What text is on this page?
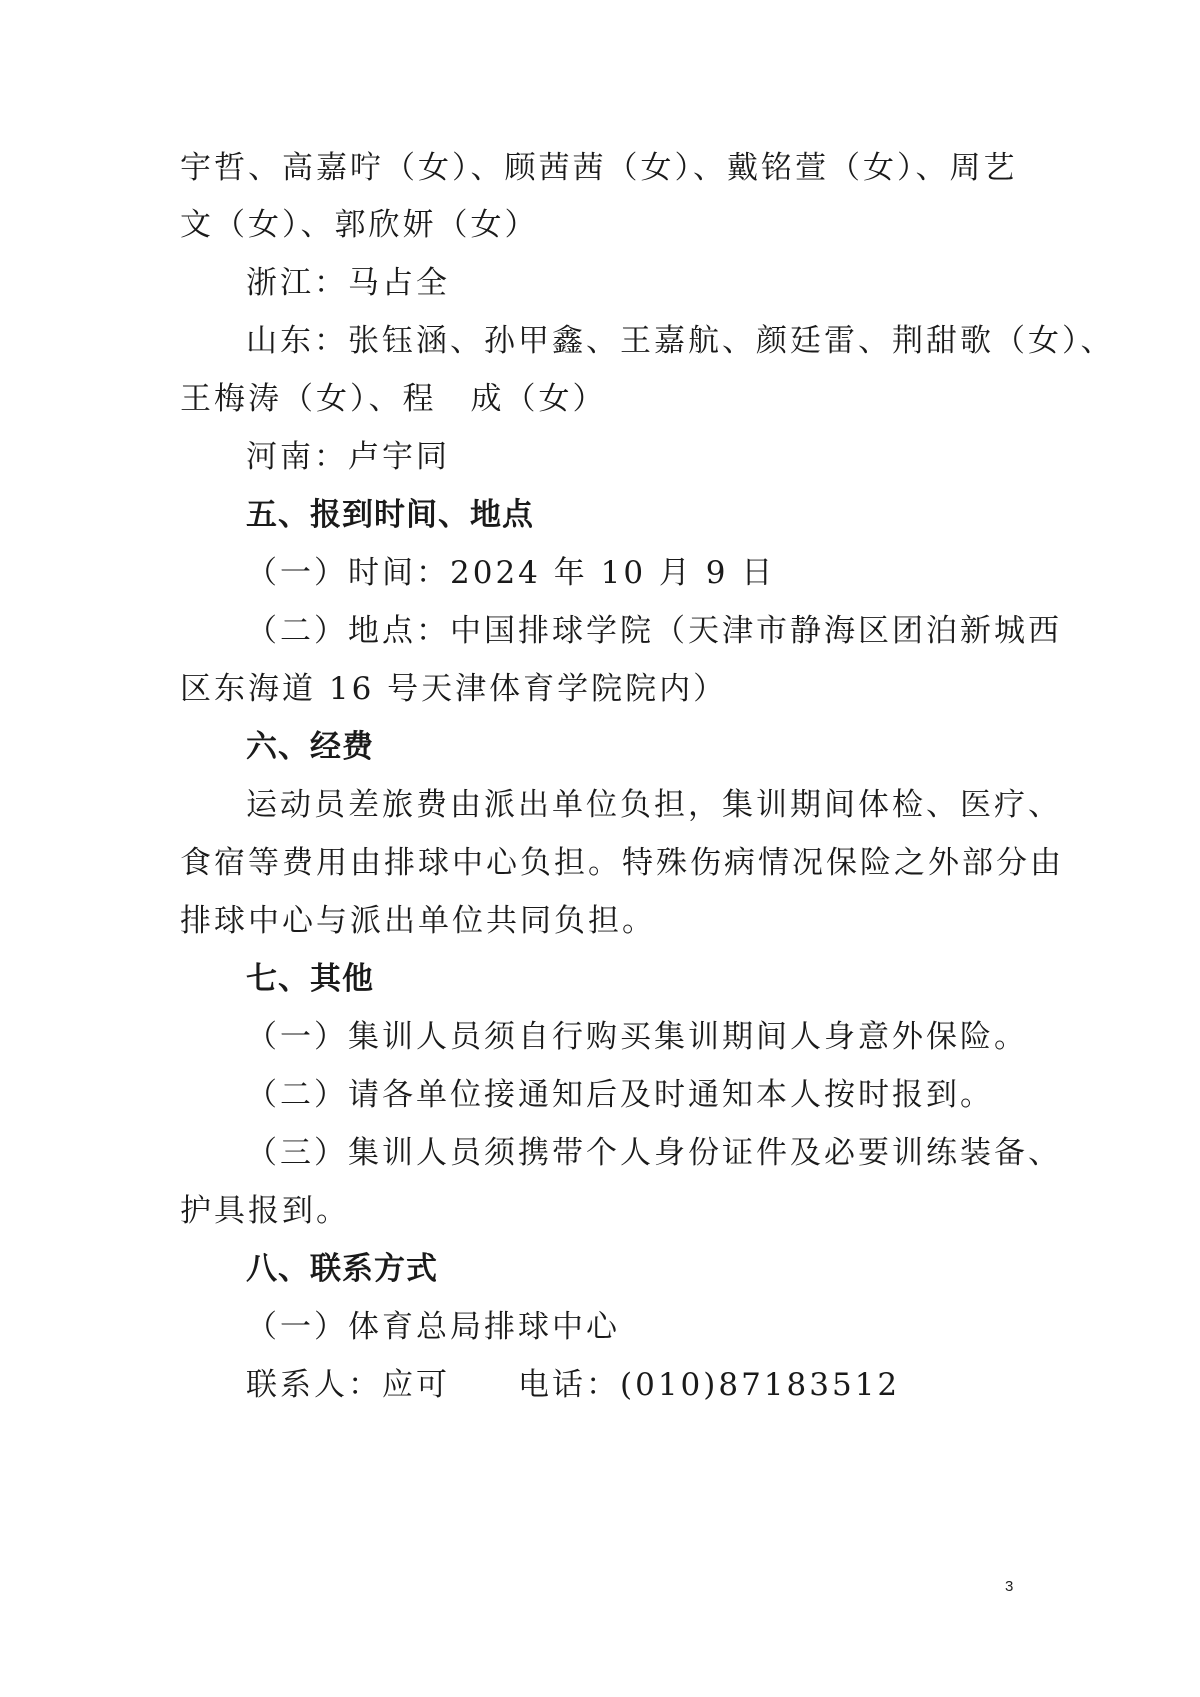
宇哲、高嘉咛（女）、顾茜茜（女）、戴铭萱（女）、周艺
文（女）、郭欣妍（女）
浙江：马占全
山东：张钰涵、孙甲鑫、王嘉航、颜廷雷、荆甜歌（女）、
王梅涛（女）、程　成（女）
河南：卢宇同
五、报到时间、地点
（一）时间：2024 年 10 月 9 日
（二）地点：中国排球学院（天津市静海区团泊新城西
区东海道 16 号天津体育学院院内）
六、经费
运动员差旅费由派出单位负担，集训期间体检、医疗、
食宿等费用由排球中心负担。特殊伤病情况保险之外部分由
排球中心与派出单位共同负担。
七、其他
（一）集训人员须自行购买集训期间人身意外保险。
（二）请各单位接通知后及时通知本人按时报到。
（三）集训人员须携带个人身份证件及必要训练装备、
护具报到。
八、联系方式
（一）体育总局排球中心
联系人：应可　　电话：(010)87183512
3
